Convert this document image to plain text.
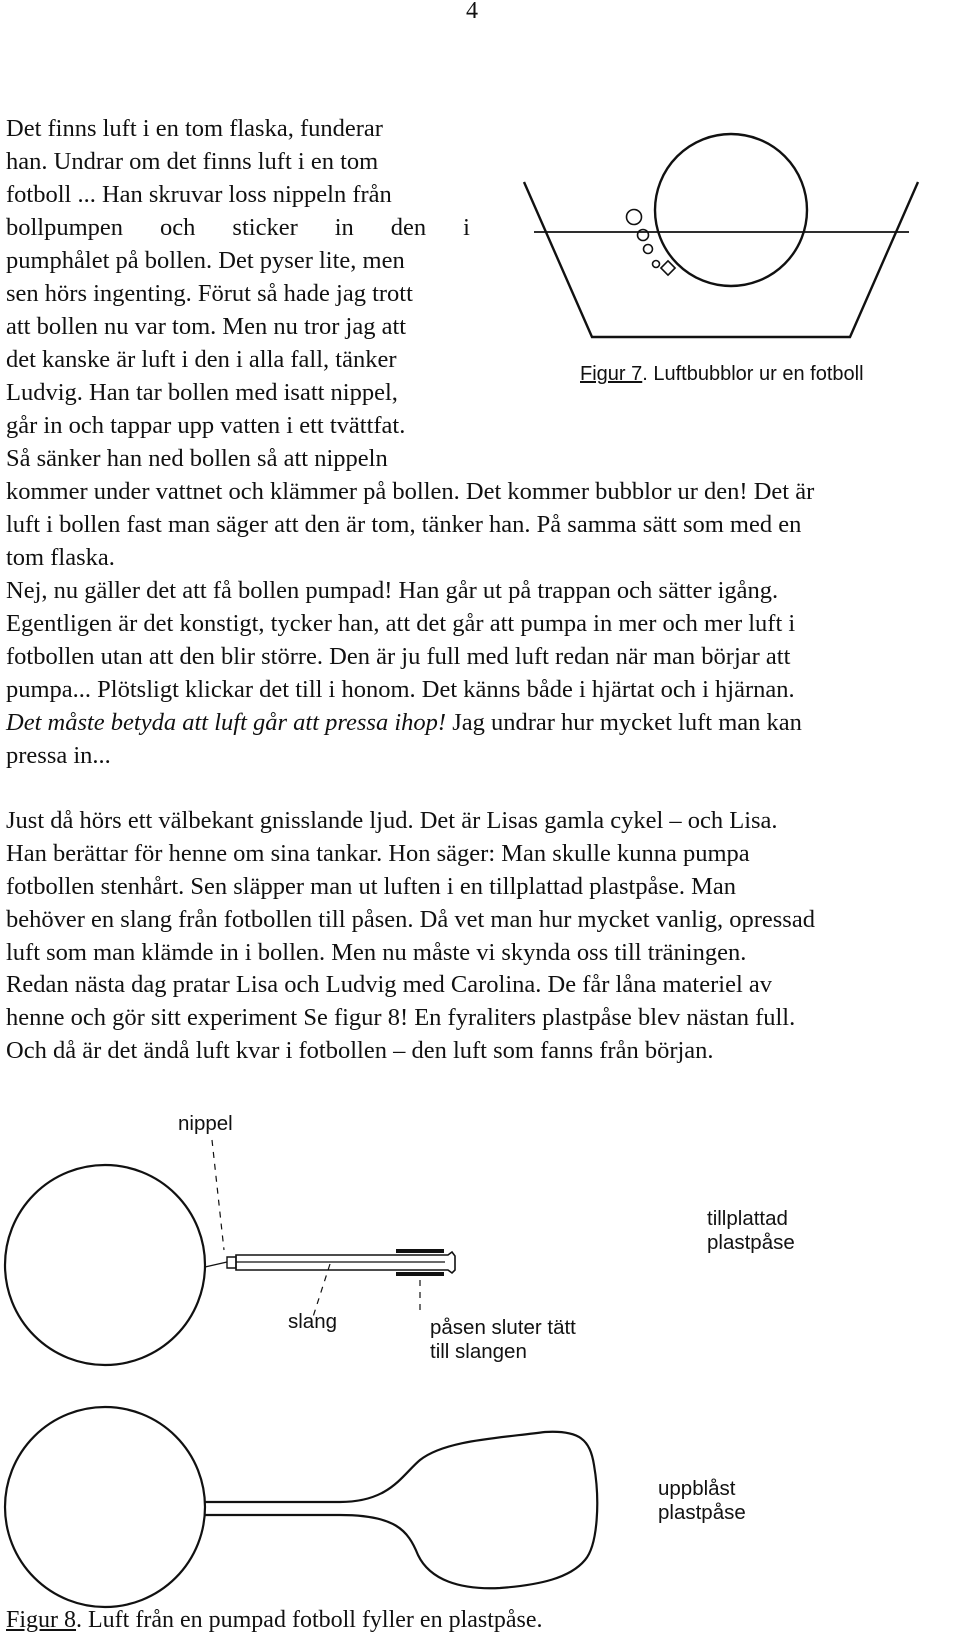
4
Det finns luft i en tom flaska, funderar
han. Undrar om det finns luft i en tom
fotboll ... Han skruvar loss nippeln från
bollpumpen och sticker in den i
pumphålet på bollen. Det pyser lite, men
sen hörs ingenting. Förut så hade jag trott
att bollen nu var tom. Men nu tror jag att
det kanske är luft i den i alla fall, tänker
Ludvig. Han tar bollen med isatt nippel,
går in och tappar upp vatten i ett tvättfat.
Så sänker han ned bollen så att nippeln
kommer under vattnet och klämmer på bollen. Det kommer bubblor ur den! Det är
luft i bollen fast man säger att den är tom, tänker han. På samma sätt som med en
tom flaska.
Nej, nu gäller det att få bollen pumpad! Han går ut på trappan och sätter igång.
Egentligen är det konstigt, tycker han, att det går att pumpa in mer och mer luft i
fotbollen utan att den blir större. Den är ju full med luft redan när man börjar att
pumpa... Plötsligt klickar det till i honom. Det känns både i hjärtat och i hjärnan.
Det måste betyda att luft går att pressa ihop! Jag undrar hur mycket luft man kan
pressa in...
Just då hörs ett välbekant gnisslande ljud. Det är Lisas gamla cykel – och Lisa.
Han berättar för henne om sina tankar. Hon säger: Man skulle kunna pumpa
fotbollen stenhårt. Sen släpper man ut luften i en tillplattad plastpåse. Man
behöver en slang från fotbollen till påsen. Då vet man hur mycket vanlig, opressad
luft som man klämde in i bollen. Men nu måste vi skynda oss till träningen.
Redan nästa dag pratar Lisa och Ludvig med Carolina. De får låna materiel av
henne och gör sitt experiment Se figur 8! En fyraliters plastpåse blev nästan full.
Och då är det ändå luft kvar i fotbollen – den luft som fanns från början.
Figur 7. Luftbubblor ur en fotboll
nippel
tillplattad
plastpåse
slang	påsen sluter tätt
till slangen
uppblåst
plastpåse
Figur 8. Luft från en pumpad fotboll fyller en plastpåse.
